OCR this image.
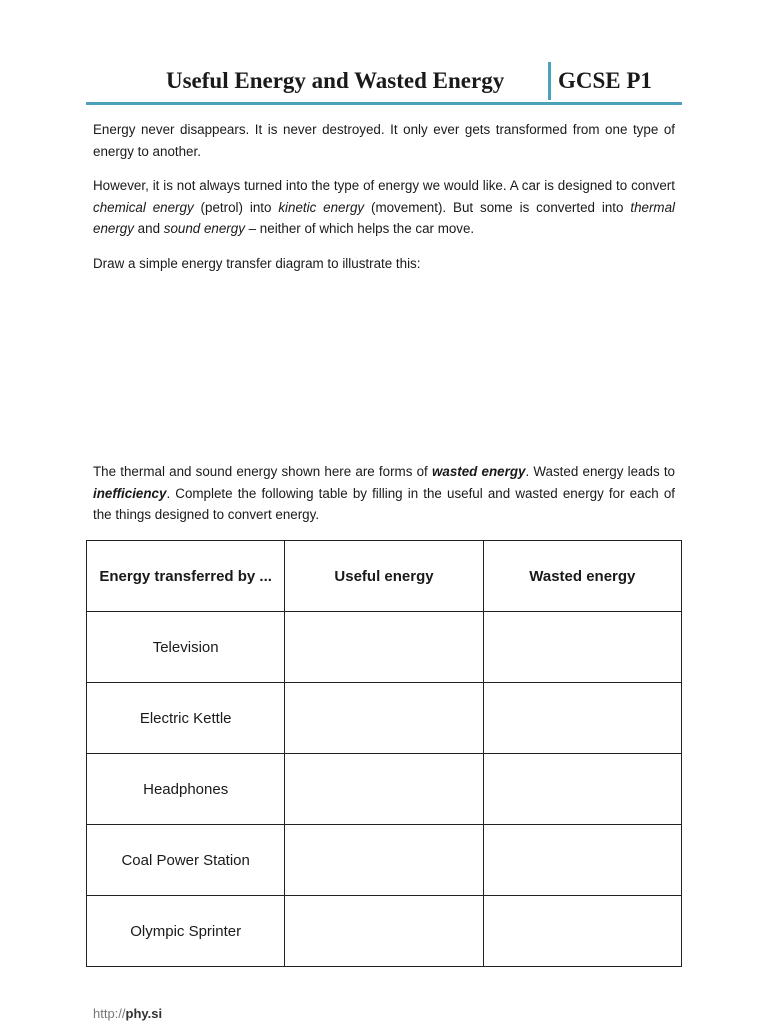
Useful Energy and Wasted Energy GCSE P1
Energy never disappears. It is never destroyed. It only ever gets transformed from one type of energy to another.
However, it is not always turned into the type of energy we would like. A car is designed to convert chemical energy (petrol) into kinetic energy (movement). But some is converted into thermal energy and sound energy – neither of which helps the car move.
Draw a simple energy transfer diagram to illustrate this:
The thermal and sound energy shown here are forms of wasted energy. Wasted energy leads to inefficiency. Complete the following table by filling in the useful and wasted energy for each of the things designed to convert energy.
Energy transferred by ...	Useful energy	Wasted energy
Television		
Electric Kettle		
Headphones		
Coal Power Station		
Olympic Sprinter		
http://phy.si
